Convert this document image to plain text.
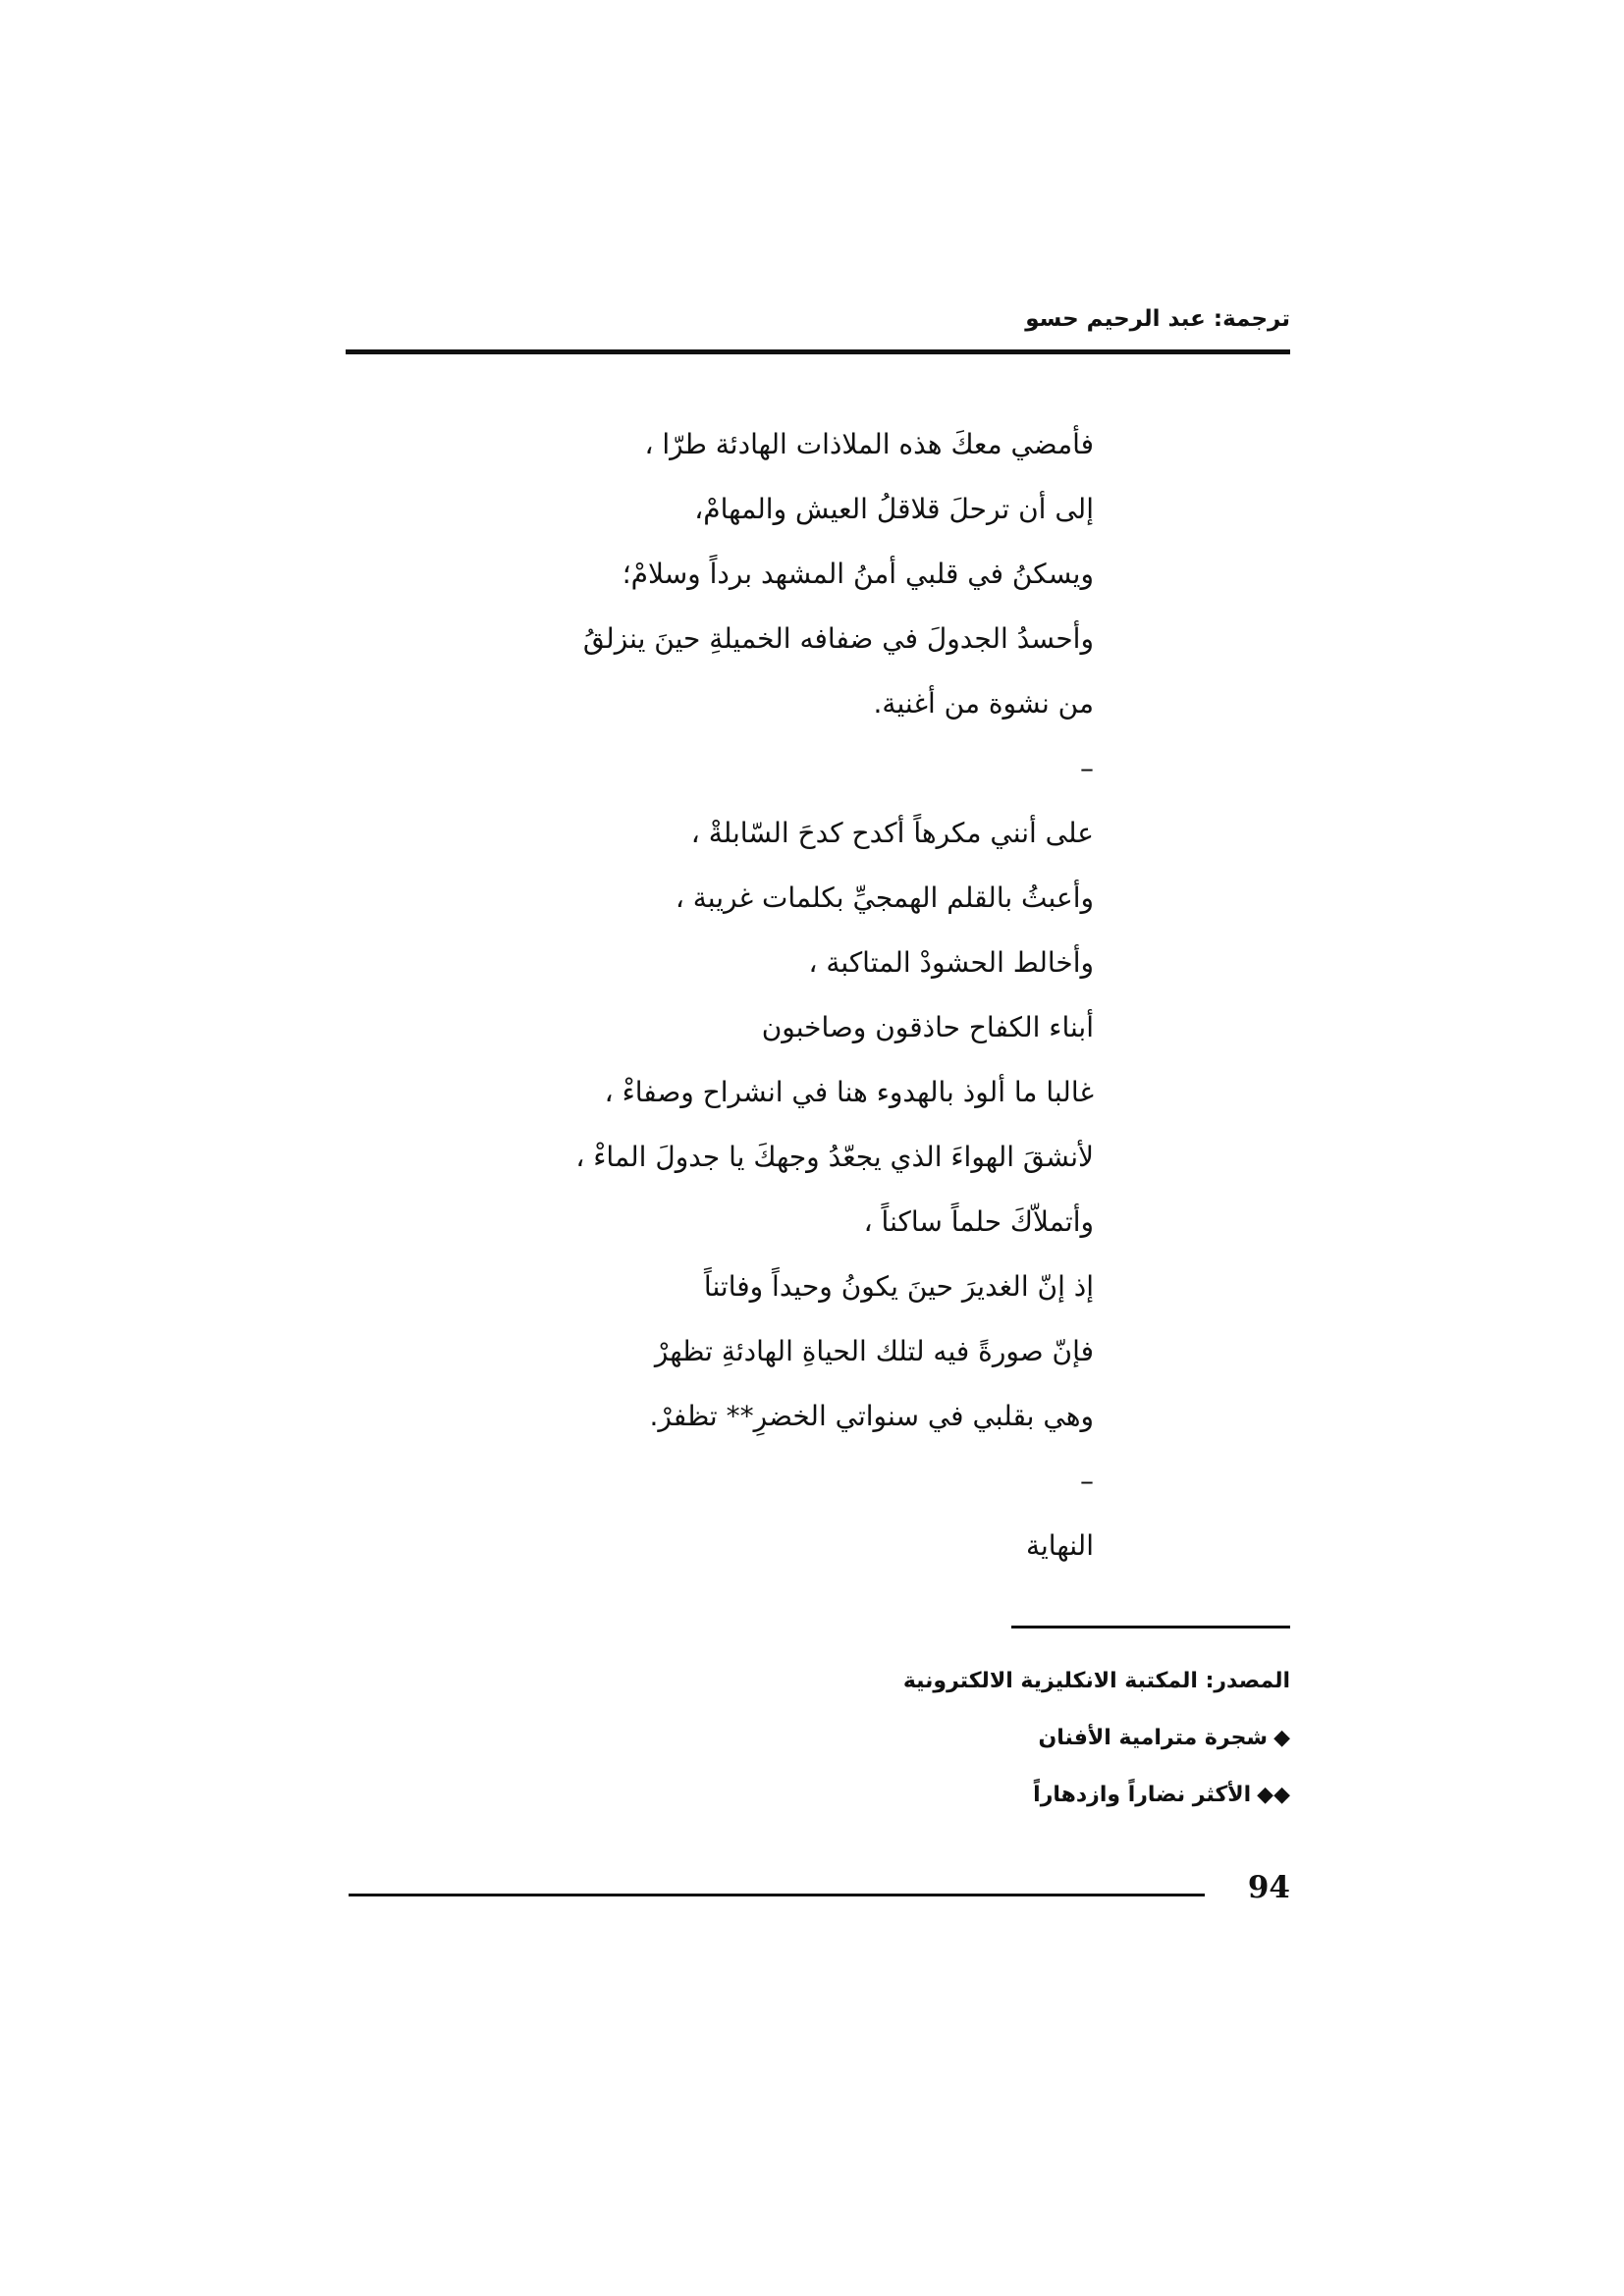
ترجمة: عبد الرحيم حسو
فأمضي معكَ هذه الملاذات الهادئة طرّا ،
إلى أن ترحلَ قلاقلُ العيش والمهامْ،
ويسكنُ في قلبي أمنُ المشهد برداً وسلامْ؛
وأحسدُ الجدولَ في ضفافه الخميلةِ حينَ ينزلقُ
من نشوة من أغنية.
–
على أنني مكرهاً أكدح كدحَ السّابلةْ ،
وأعبثُ بالقلم الهمجيِّ بكلمات غريبة ،
وأخالط الحشودْ المتاكبة ،
أبناء الكفاح حاذقون وصاخبون
غالبا ما ألوذ بالهدوء هنا في انشراح وصفاءْ ،
لأنشقَ الهواءَ الذي يجعّدُ وجهكَ يا جدولَ الماءْ ،
وأتملاّكَ حلماً ساكناً ،
إذ إنّ الغديرَ حينَ يكونُ وحيداً وفاتناً
فإنّ صورةً فيه لتلك الحياةِ الهادئةِ تظهرْ
وهي بقلبي في سنواتي الخضرِ** تظفرْ.
–
النهاية
المصدر: المكتبة الانكليزية الالكترونية
◆شجرة مترامية الأفنان
◆◆الأكثر نضاراً وازدهاراً
94
